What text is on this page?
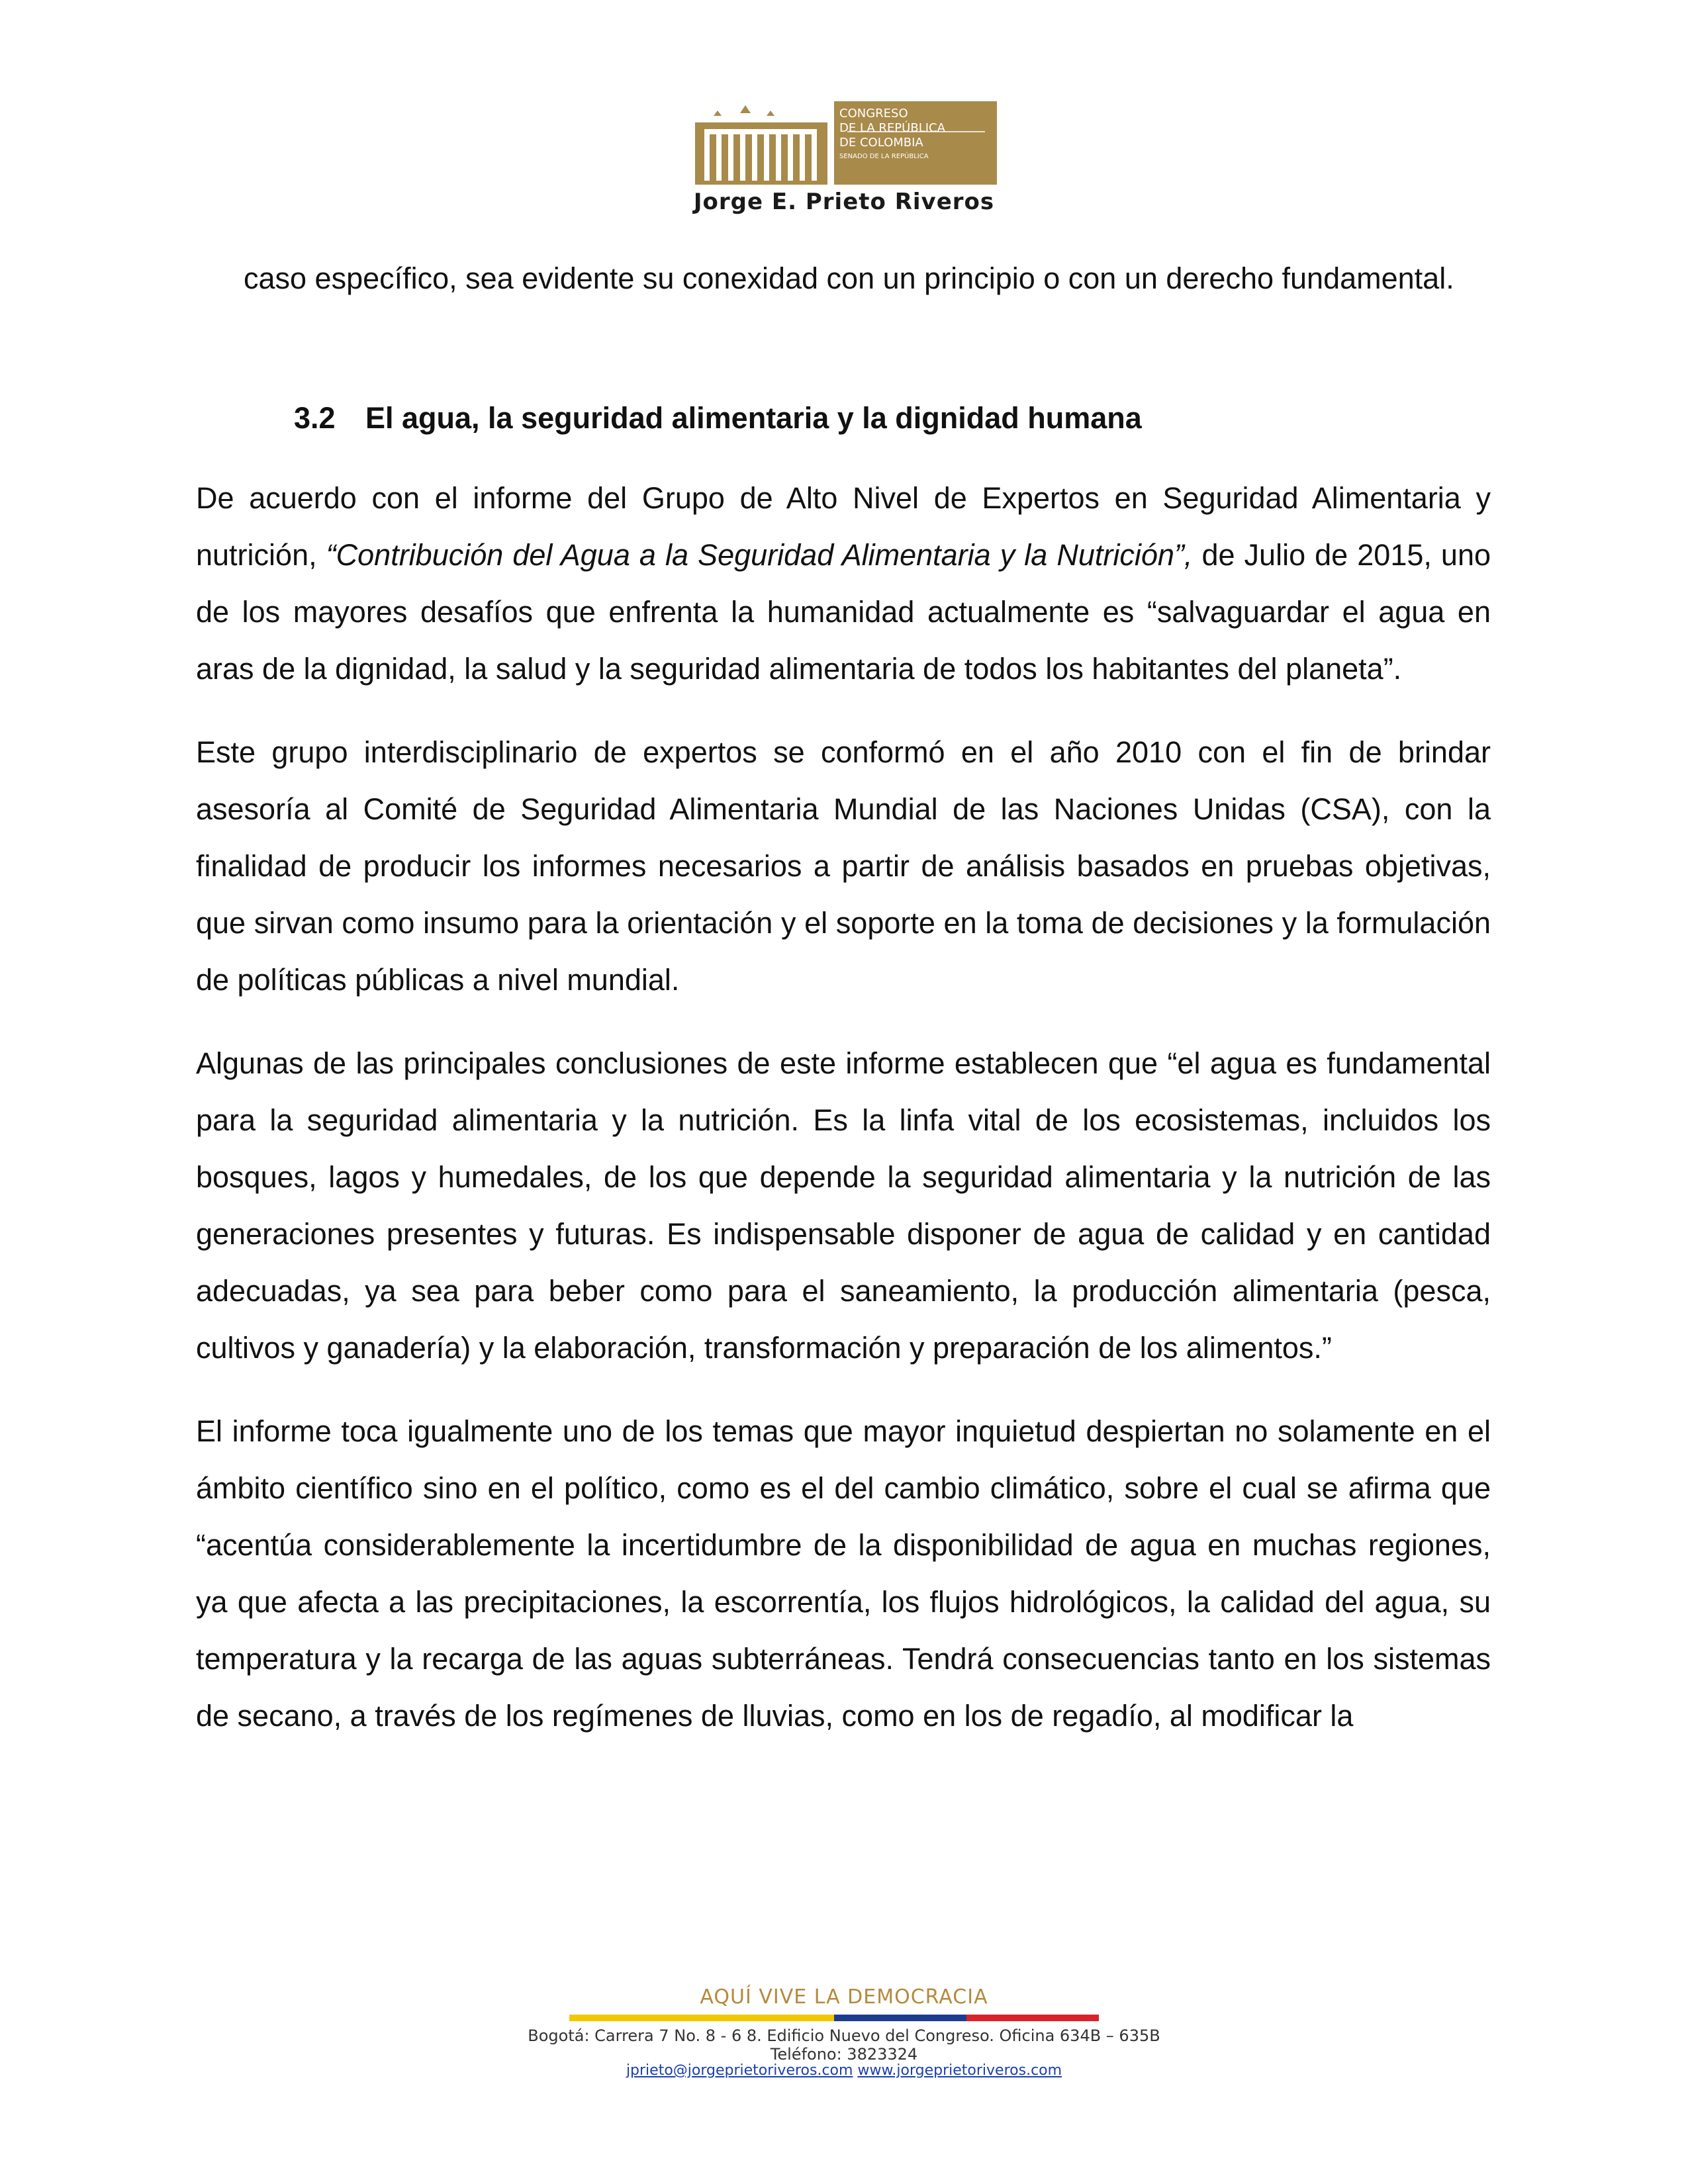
CONGRESO
DE LA REPÚBLICA
DE COLOMBIA
SENADO DE LA REPÚBLICA
Jorge E. Prieto Riveros

caso específico, sea evidente su conexidad con un principio o con un derecho fundamental.

3.2 El agua, la seguridad alimentaria y la dignidad humana

De acuerdo con el informe del Grupo de Alto Nivel de Expertos en Seguridad Alimentaria y nutrición, “Contribución del Agua a la Seguridad Alimentaria y la Nutrición”, de Julio de 2015, uno de los mayores desafíos que enfrenta la humanidad actualmente es “salvaguardar el agua en aras de la dignidad, la salud y la seguridad alimentaria de todos los habitantes del planeta”.

Este grupo interdisciplinario de expertos se conformó en el año 2010 con el fin de brindar asesoría al Comité de Seguridad Alimentaria Mundial de las Naciones Unidas (CSA), con la finalidad de producir los informes necesarios a partir de análisis basados en pruebas objetivas, que sirvan como insumo para la orientación y el soporte en la toma de decisiones y la formulación de políticas públicas a nivel mundial.

Algunas de las principales conclusiones de este informe establecen que “el agua es fundamental para la seguridad alimentaria y la nutrición. Es la linfa vital de los ecosistemas, incluidos los bosques, lagos y humedales, de los que depende la seguridad alimentaria y la nutrición de las generaciones presentes y futuras. Es indispensable disponer de agua de calidad y en cantidad adecuadas, ya sea para beber como para el saneamiento, la producción alimentaria (pesca, cultivos y ganadería) y la elaboración, transformación y preparación de los alimentos.”

El informe toca igualmente uno de los temas que mayor inquietud despiertan no solamente en el ámbito científico sino en el político, como es el del cambio climático, sobre el cual se afirma que “acentúa considerablemente la incertidumbre de la disponibilidad de agua en muchas regiones, ya que afecta a las precipitaciones, la escorrentía, los flujos hidrológicos, la calidad del agua, su temperatura y la recarga de las aguas subterráneas. Tendrá consecuencias tanto en los sistemas de secano, a través de los regímenes de lluvias, como en los de regadío, al modificar la

AQUÍ VIVE LA DEMOCRACIA
Bogotá: Carrera 7 No. 8 - 6 8. Edificio Nuevo del Congreso. Oficina 634B – 635B
Teléfono: 3823324
jprieto@jorgeprietoriveros.com www.jorgeprietoriveros.com
